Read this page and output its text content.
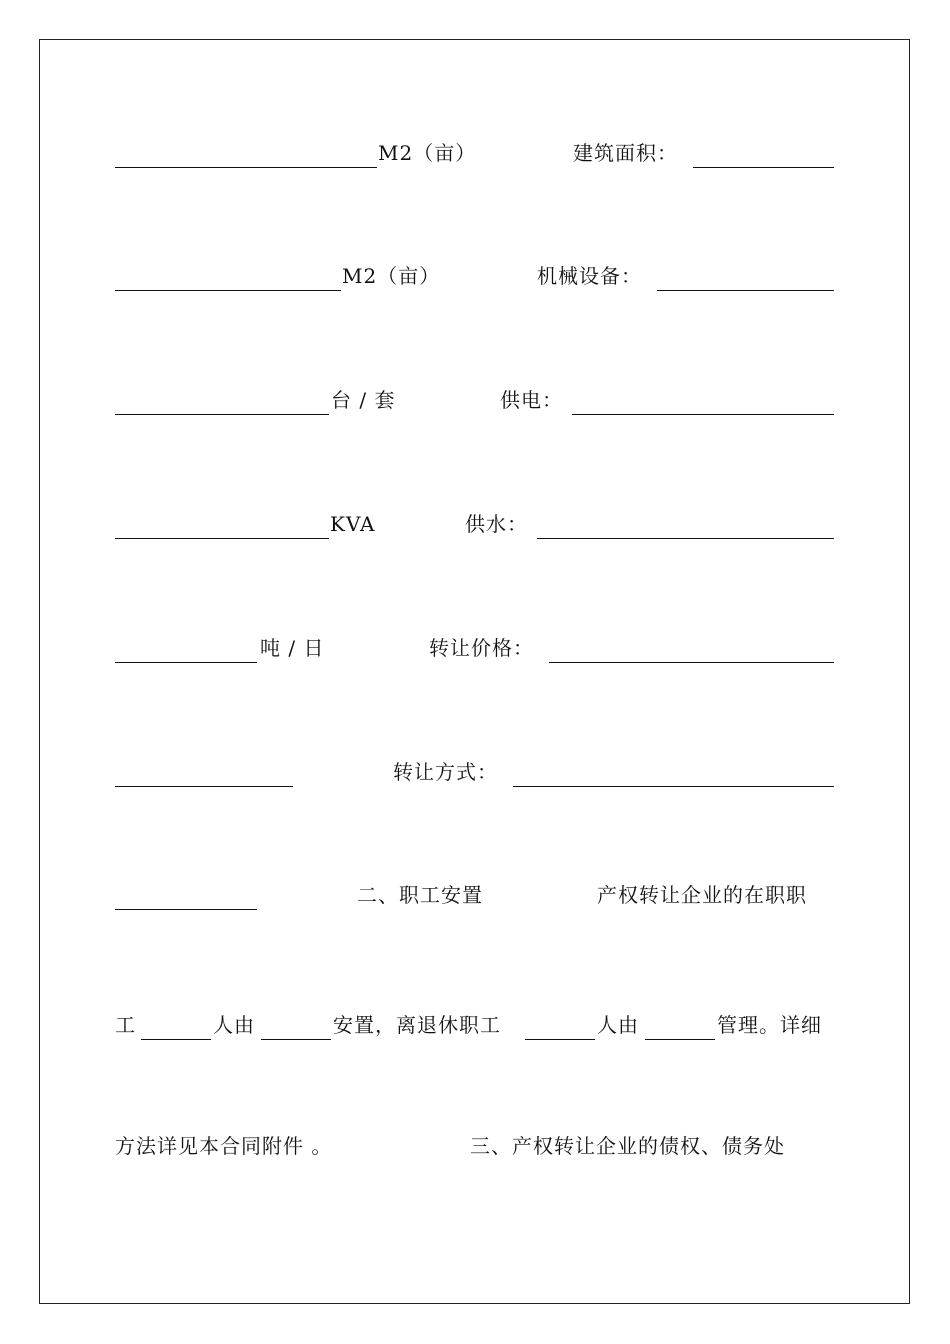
M2（亩）	建筑面积：
M2（亩）	机械设备：
台 / 套	供电：
KVA	供水：
吨 / 日	转让价格：
转让方式：
二、职工安置	产权转让企业的在职职
工	人由	安置，离退休职工	人由	管理。详细
方法详见本合同附件 。	三、产权转让企业的债权、债务处
